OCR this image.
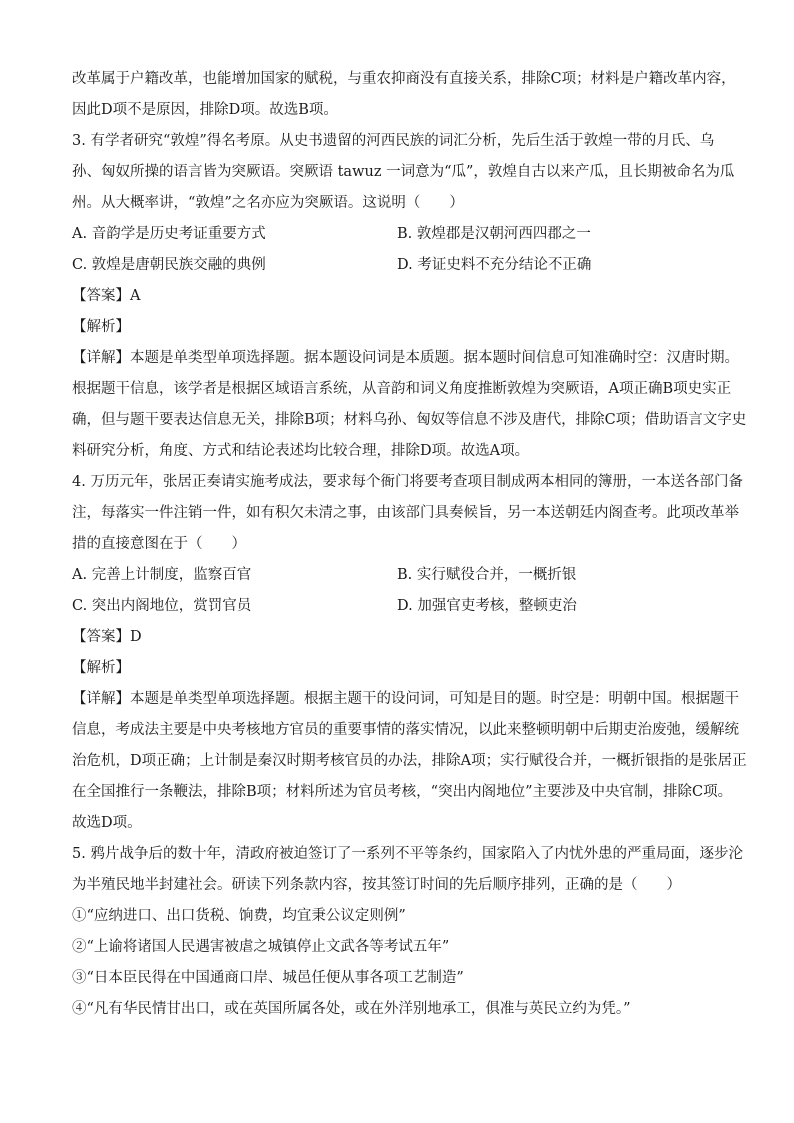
改革属于户籍改革，也能增加国家的赋税，与重农抑商没有直接关系，排除C项；材料是户籍改革内容，
因此D项不是原因，排除D项。故选B项。
3. 有学者研究“敦煌”得名考原。从史书遗留的河西民族的词汇分析，先后生活于敦煌一带的月氏、乌
孙、匈奴所操的语言皆为突厥语。突厥语 tawuz 一词意为“瓜”，敦煌自古以来产瓜，且长期被命名为瓜
州。从大概率讲，“敦煌”之名亦应为突厥语。这说明（　　）
A. 音韵学是历史考证重要方式	B. 敦煌郡是汉朝河西四郡之一
C. 敦煌是唐朝民族交融的典例	D. 考证史料不充分结论不正确
【答案】A
【解析】
【详解】本题是单类型单项选择题。据本题设问词是本质题。据本题时间信息可知准确时空：汉唐时期。
根据题干信息，该学者是根据区域语言系统，从音韵和词义角度推断敦煌为突厥语，A项正确B项史实正
确，但与题干要表达信息无关，排除B项；材料乌孙、匈奴等信息不涉及唐代，排除C项；借助语言文字史
料研究分析，角度、方式和结论表述均比较合理，排除D项。故选A项。
4. 万历元年，张居正奏请实施考成法，要求每个衙门将要考查项目制成两本相同的簿册，一本送各部门备
注，每落实一件注销一件，如有积欠未清之事，由该部门具奏候旨，另一本送朝廷内阁查考。此项改革举
措的直接意图在于（　　）
A. 完善上计制度，监察百官	B. 实行赋役合并，一概折银
C. 突出内阁地位，赏罚官员	D. 加强官吏考核，整顿吏治
【答案】D
【解析】
【详解】本题是单类型单项选择题。根据主题干的设问词，可知是目的题。时空是：明朝中国。根据题干
信息，考成法主要是中央考核地方官员的重要事情的落实情况，以此来整顿明朝中后期吏治废弛，缓解统
治危机，D项正确；上计制是秦汉时期考核官员的办法，排除A项；实行赋役合并，一概折银指的是张居正
在全国推行一条鞭法，排除B项；材料所述为官员考核，“突出内阁地位”主要涉及中央官制，排除C项。
故选D项。
5. 鸦片战争后的数十年，清政府被迫签订了一系列不平等条约，国家陷入了内忧外患的严重局面，逐步沦
为半殖民地半封建社会。研读下列条款内容，按其签订时间的先后顺序排列，正确的是（　　）
①“应纳进口、出口货税、饷费，均宜秉公议定则例”
②“上谕将诸国人民遇害被虐之城镇停止文武各等考试五年”
③“日本臣民得在中国通商口岸、城邑任便从事各项工艺制造”
④“凡有华民情甘出口，或在英国所属各处，或在外洋别地承工，俱准与英民立约为凭。”
